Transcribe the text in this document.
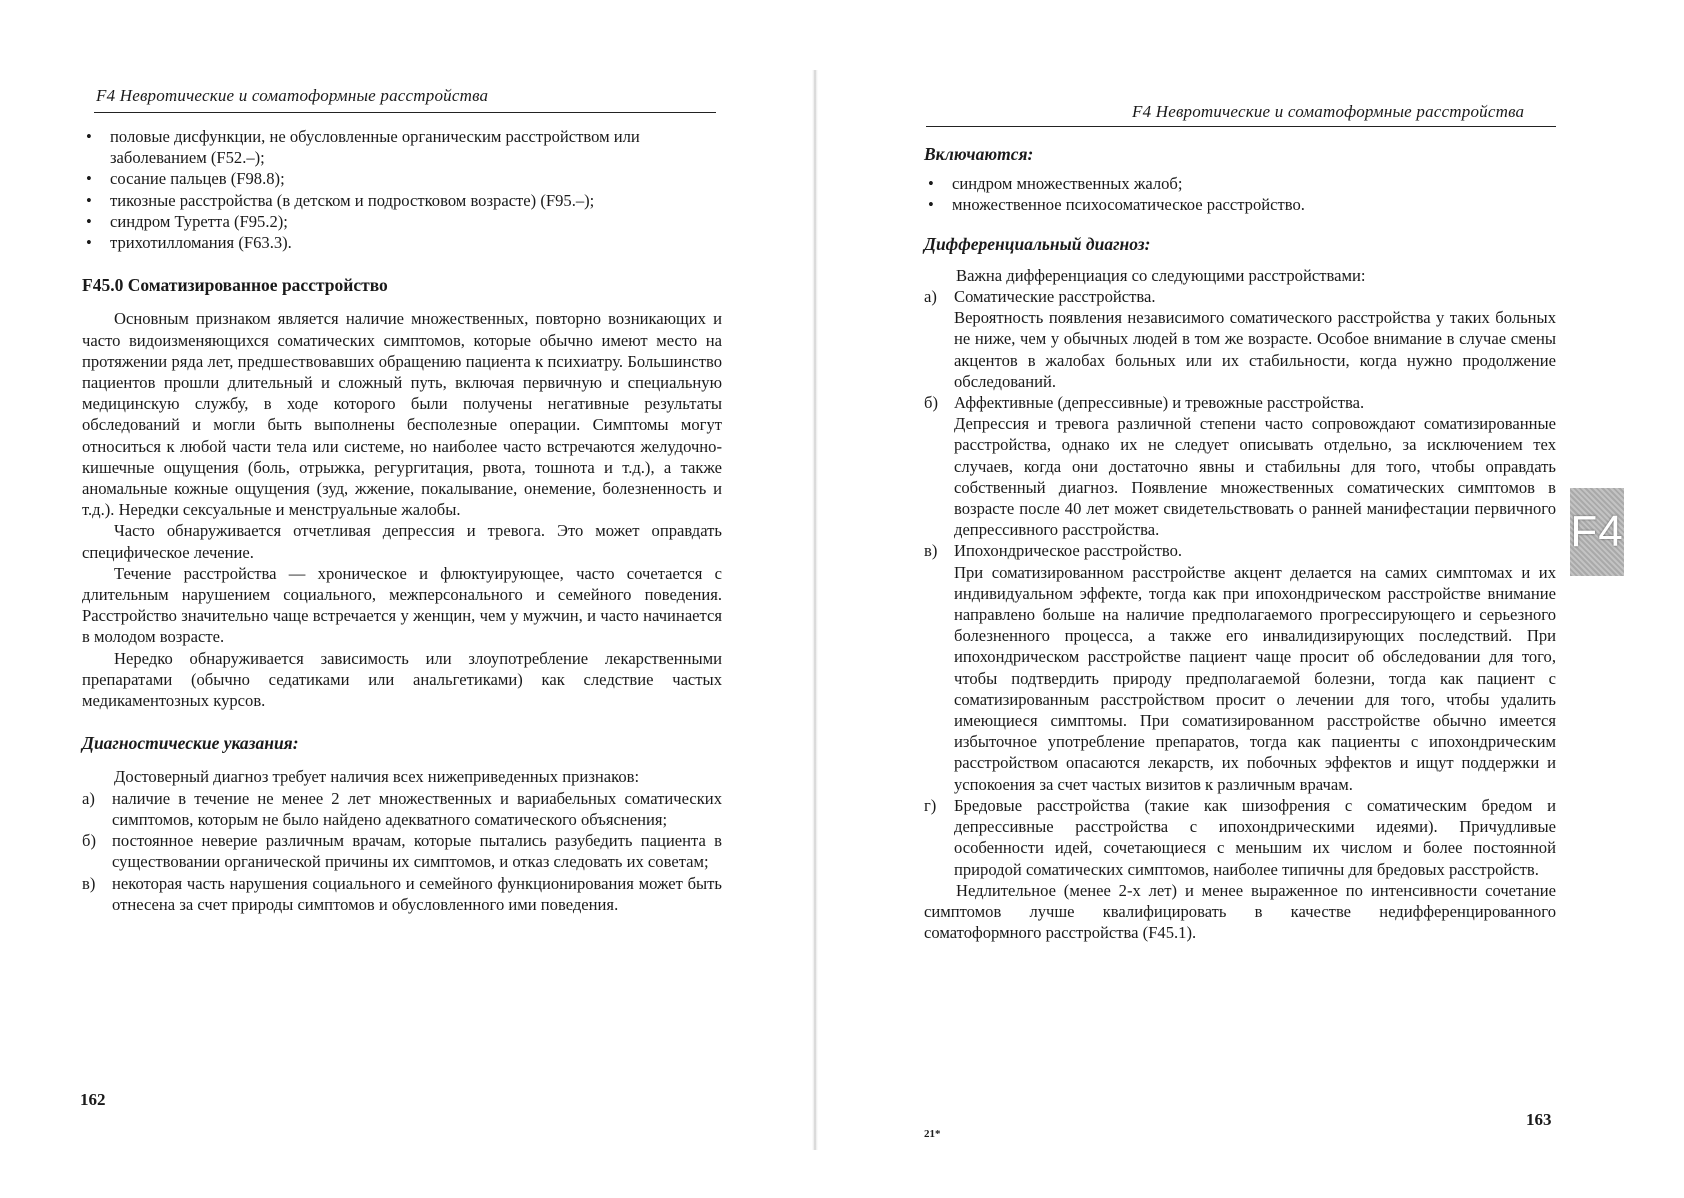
F4 Невротические и соматоформные расстройства
• половые дисфункции, не обусловленные органическим расстройством или заболеванием (F52.–);
• сосание пальцев (F98.8);
• тикозные расстройства (в детском и подростковом возрасте) (F95.–);
• синдром Туретта (F95.2);
• трихотилломания (F63.3).
F45.0 Соматизированное расстройство

Основным признаком является наличие множественных, повторно возникающих и часто видоизменяющихся соматических симптомов, которые обычно имеют место на протяжении ряда лет, предшествовавших обращению пациента к психиатру. Большинство пациентов прошли длительный и сложный путь, включая первичную и специальную медицинскую службу, в ходе которого были получены негативные результаты обследований и могли быть выполнены бесполезные операции. Симптомы могут относиться к любой части тела или системе, но наиболее часто встречаются желудочно-кишечные ощущения (боль, отрыжка, регургитация, рвота, тошнота и т.д.), а также аномальные кожные ощущения (зуд, жжение, покалывание, онемение, болезненность и т.д.). Нередки сексуальные и менструальные жалобы.

Часто обнаруживается отчетливая депрессия и тревога. Это может оправдать специфическое лечение.

Течение расстройства — хроническое и флюктуирующее, часто сочетается с длительным нарушением социального, межперсонального и семейного поведения. Расстройство значительно чаще встречается у женщин, чем у мужчин, и часто начинается в молодом возрасте.

Нередко обнаруживается зависимость или злоупотребление лекарственными препаратами (обычно седатиками или анальгетиками) как следствие частых медикаментозных курсов.

Диагностические указания:

Достоверный диагноз требует наличия всех нижеприведенных признаков:

а) наличие в течение не менее 2 лет множественных и вариабельных соматических симптомов, которым не было найдено адекватного соматического объяснения;
б) постоянное неверие различным врачам, которые пытались разубедить пациента в существовании органической причины их симптомов, и отказ следовать их советам;
в) некоторая часть нарушения социального и семейного функционирования может быть отнесена за счет природы симптомов и обусловленного ими поведения.
162
F4 Невротические и соматоформные расстройства
Включаются:
• синдром множественных жалоб;
• множественное психосоматическое расстройство.
Дифференциальный диагноз:

Важна дифференциация со следующими расстройствами:

а) Соматические расстройства.
Вероятность появления независимого соматического расстройства у таких больных не ниже, чем у обычных людей в том же возрасте. Особое внимание в случае смены акцентов в жалобах больных или их стабильности, когда нужно продолжение обследований.
б) Аффективные (депрессивные) и тревожные расстройства.
Депрессия и тревога различной степени часто сопровождают соматизированные расстройства, однако их не следует описывать отдельно, за исключением тех случаев, когда они достаточно явны и стабильны для того, чтобы оправдать собственный диагноз. Появление множественных соматических симптомов в возрасте после 40 лет может свидетельствовать о ранней манифестации первичного депрессивного расстройства.
в) Ипохондрическое расстройство.
При соматизированном расстройстве акцент делается на самих симптомах и их индивидуальном эффекте, тогда как при ипохондрическом расстройстве внимание направлено больше на наличие предполагаемого прогрессирующего и серьезного болезненного процесса, а также его инвалидизирующих последствий. При ипохондрическом расстройстве пациент чаще просит об обследовании для того, чтобы подтвердить природу предполагаемой болезни, тогда как пациент с соматизированным расстройством просит о лечении для того, чтобы удалить имеющиеся симптомы. При соматизированном расстройстве обычно имеется избыточное употребление препаратов, тогда как пациенты с ипохондрическим расстройством опасаются лекарств, их побочных эффектов и ищут поддержки и успокоения за счет частых визитов к различным врачам.
г) Бредовые расстройства (такие как шизофрения с соматическим бредом и депрессивные расстройства с ипохондрическими идеями). Причудливые особенности идей, сочетающиеся с меньшим их числом и более постоянной природой соматических симптомов, наиболее типичны для бредовых расстройств.

Недлительное (менее 2-х лет) и менее выраженное по интенсивности сочетание симптомов лучше квалифицировать в качестве недифференцированного соматоформного расстройства (F45.1).

21*
163
F4
